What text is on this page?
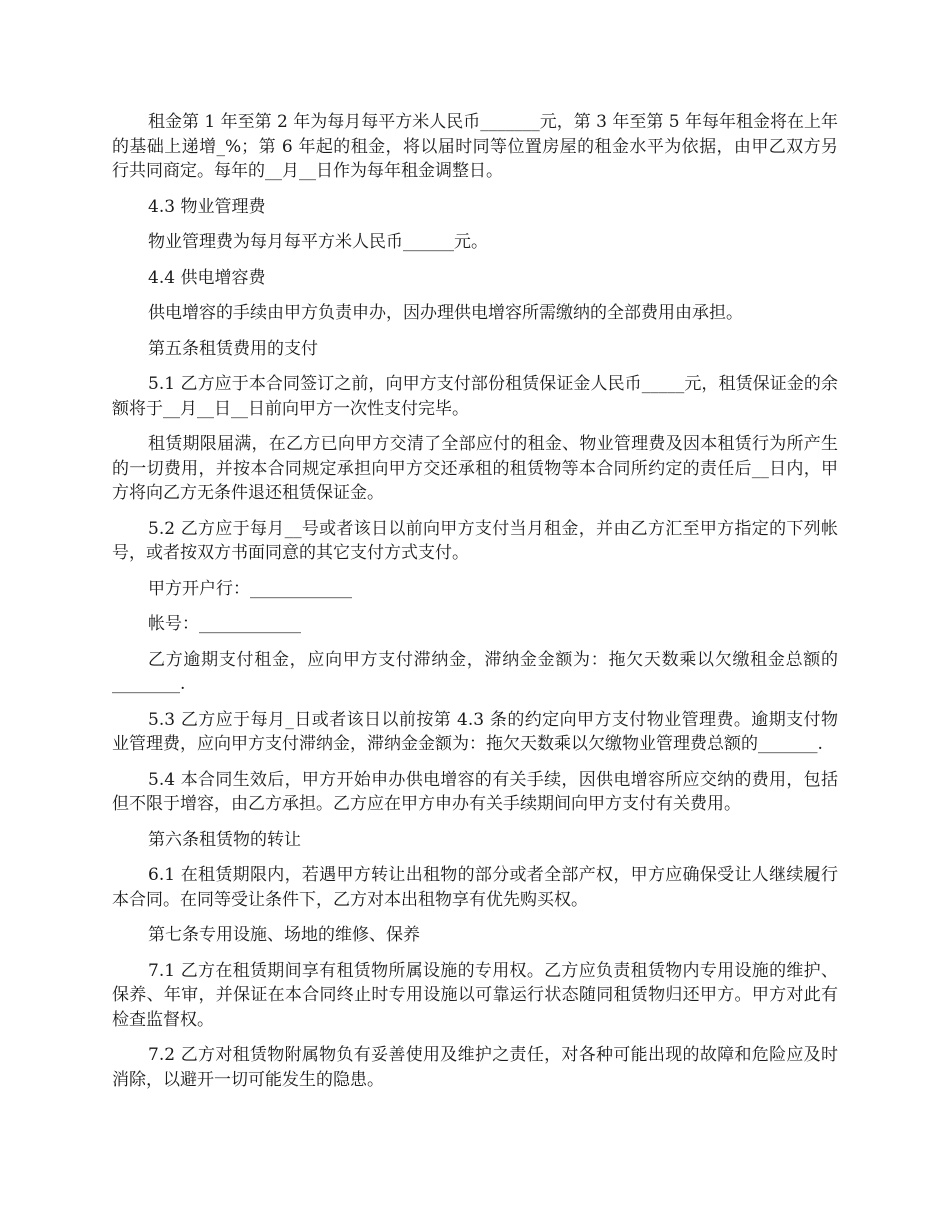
租金第 1 年至第 2 年为每月每平方米人民币_______元，第 3 年至第 5 年每年租金将在上年的基础上递增_%；第 6 年起的租金，将以届时同等位置房屋的租金水平为依据，由甲乙双方另行共同商定。每年的__月__日作为每年租金调整日。

4.3 物业管理费

物业管理费为每月每平方米人民币______元。

4.4 供电增容费

供电增容的手续由甲方负责申办，因办理供电增容所需缴纳的全部费用由承担。

第五条租赁费用的支付

5.1 乙方应于本合同签订之前，向甲方支付部份租赁保证金人民币_____元，租赁保证金的余额将于__月__日__日前向甲方一次性支付完毕。

租赁期限届满，在乙方已向甲方交清了全部应付的租金、物业管理费及因本租赁行为所产生的一切费用，并按本合同规定承担向甲方交还承租的租赁物等本合同所约定的责任后__日内，甲方将向乙方无条件退还租赁保证金。

5.2 乙方应于每月__号或者该日以前向甲方支付当月租金，并由乙方汇至甲方指定的下列帐号，或者按双方书面同意的其它支付方式支付。

甲方开户行：____________

帐号：____________

乙方逾期支付租金，应向甲方支付滞纳金，滞纳金金额为：拖欠天数乘以欠缴租金总额的________.

5.3 乙方应于每月_日或者该日以前按第 4.3 条的约定向甲方支付物业管理费。逾期支付物业管理费，应向甲方支付滞纳金，滞纳金金额为：拖欠天数乘以欠缴物业管理费总额的_______.

5.4 本合同生效后，甲方开始申办供电增容的有关手续，因供电增容所应交纳的费用，包括但不限于增容，由乙方承担。乙方应在甲方申办有关手续期间向甲方支付有关费用。

第六条租赁物的转让

6.1 在租赁期限内，若遇甲方转让出租物的部分或者全部产权，甲方应确保受让人继续履行本合同。在同等受让条件下，乙方对本出租物享有优先购买权。

第七条专用设施、场地的维修、保养

7.1 乙方在租赁期间享有租赁物所属设施的专用权。乙方应负责租赁物内专用设施的维护、保养、年审，并保证在本合同终止时专用设施以可靠运行状态随同租赁物归还甲方。甲方对此有检查监督权。

7.2 乙方对租赁物附属物负有妥善使用及维护之责任，对各种可能出现的故障和危险应及时消除，以避开一切可能发生的隐患。
